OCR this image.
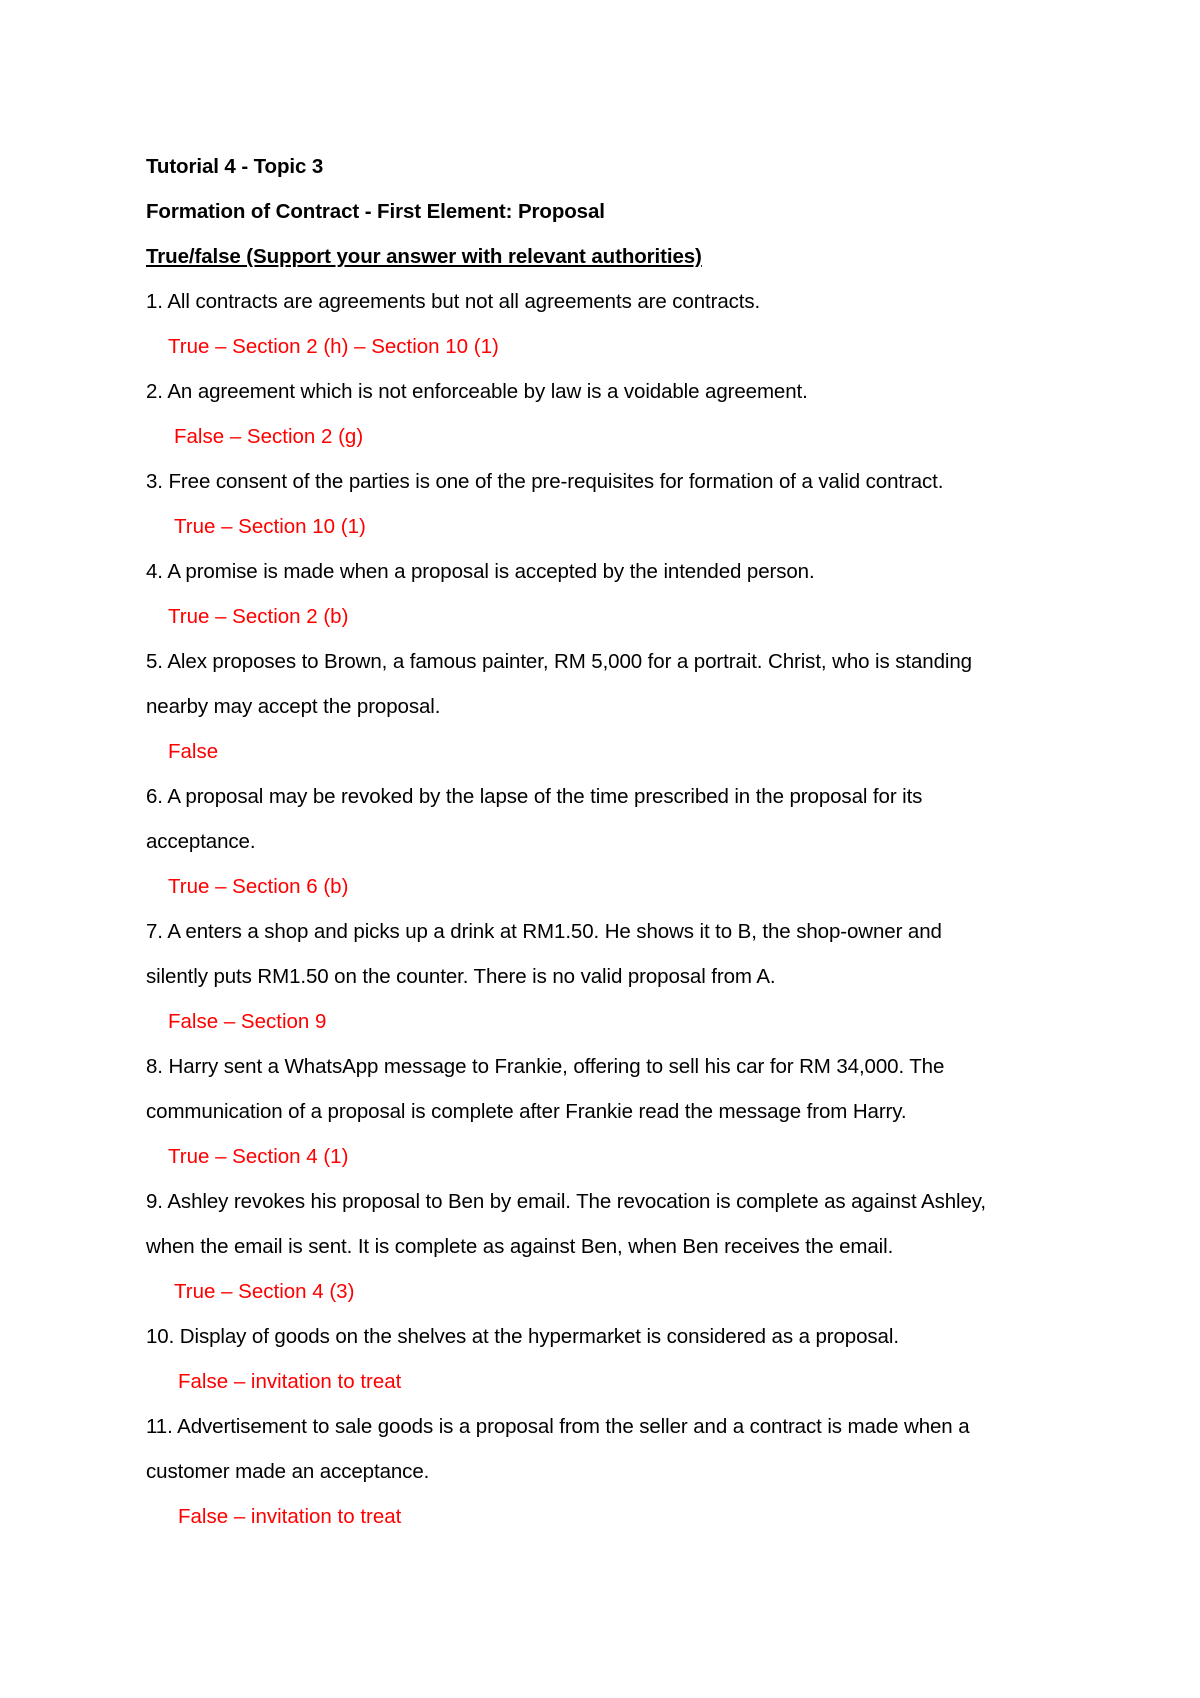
Tutorial 4 - Topic 3
Formation of Contract - First Element: Proposal
True/false (Support your answer with relevant authorities)
1. All contracts are agreements but not all agreements are contracts.
True – Section 2 (h) – Section 10 (1)
2. An agreement which is not enforceable by law is a voidable agreement.
False – Section 2 (g)
3. Free consent of the parties is one of the pre-requisites for formation of a valid contract.
True – Section 10 (1)
4. A promise is made when a proposal is accepted by the intended person.
True – Section 2 (b)
5. Alex proposes to Brown, a famous painter, RM 5,000 for a portrait. Christ, who is standing
nearby may accept the proposal.
False
6. A proposal may be revoked by the lapse of the time prescribed in the proposal for its
acceptance.
True – Section 6 (b)
7. A enters a shop and picks up a drink at RM1.50. He shows it to B, the shop-owner and
silently puts RM1.50 on the counter. There is no valid proposal from A.
False – Section 9
8. Harry sent a WhatsApp message to Frankie, offering to sell his car for RM 34,000. The
communication of a proposal is complete after Frankie read the message from Harry.
True – Section 4 (1)
9. Ashley revokes his proposal to Ben by email. The revocation is complete as against Ashley,
when the email is sent. It is complete as against Ben, when Ben receives the email.
True – Section 4 (3)
10. Display of goods on the shelves at the hypermarket is considered as a proposal.
False – invitation to treat
11. Advertisement to sale goods is a proposal from the seller and a contract is made when a
customer made an acceptance.
False – invitation to treat
